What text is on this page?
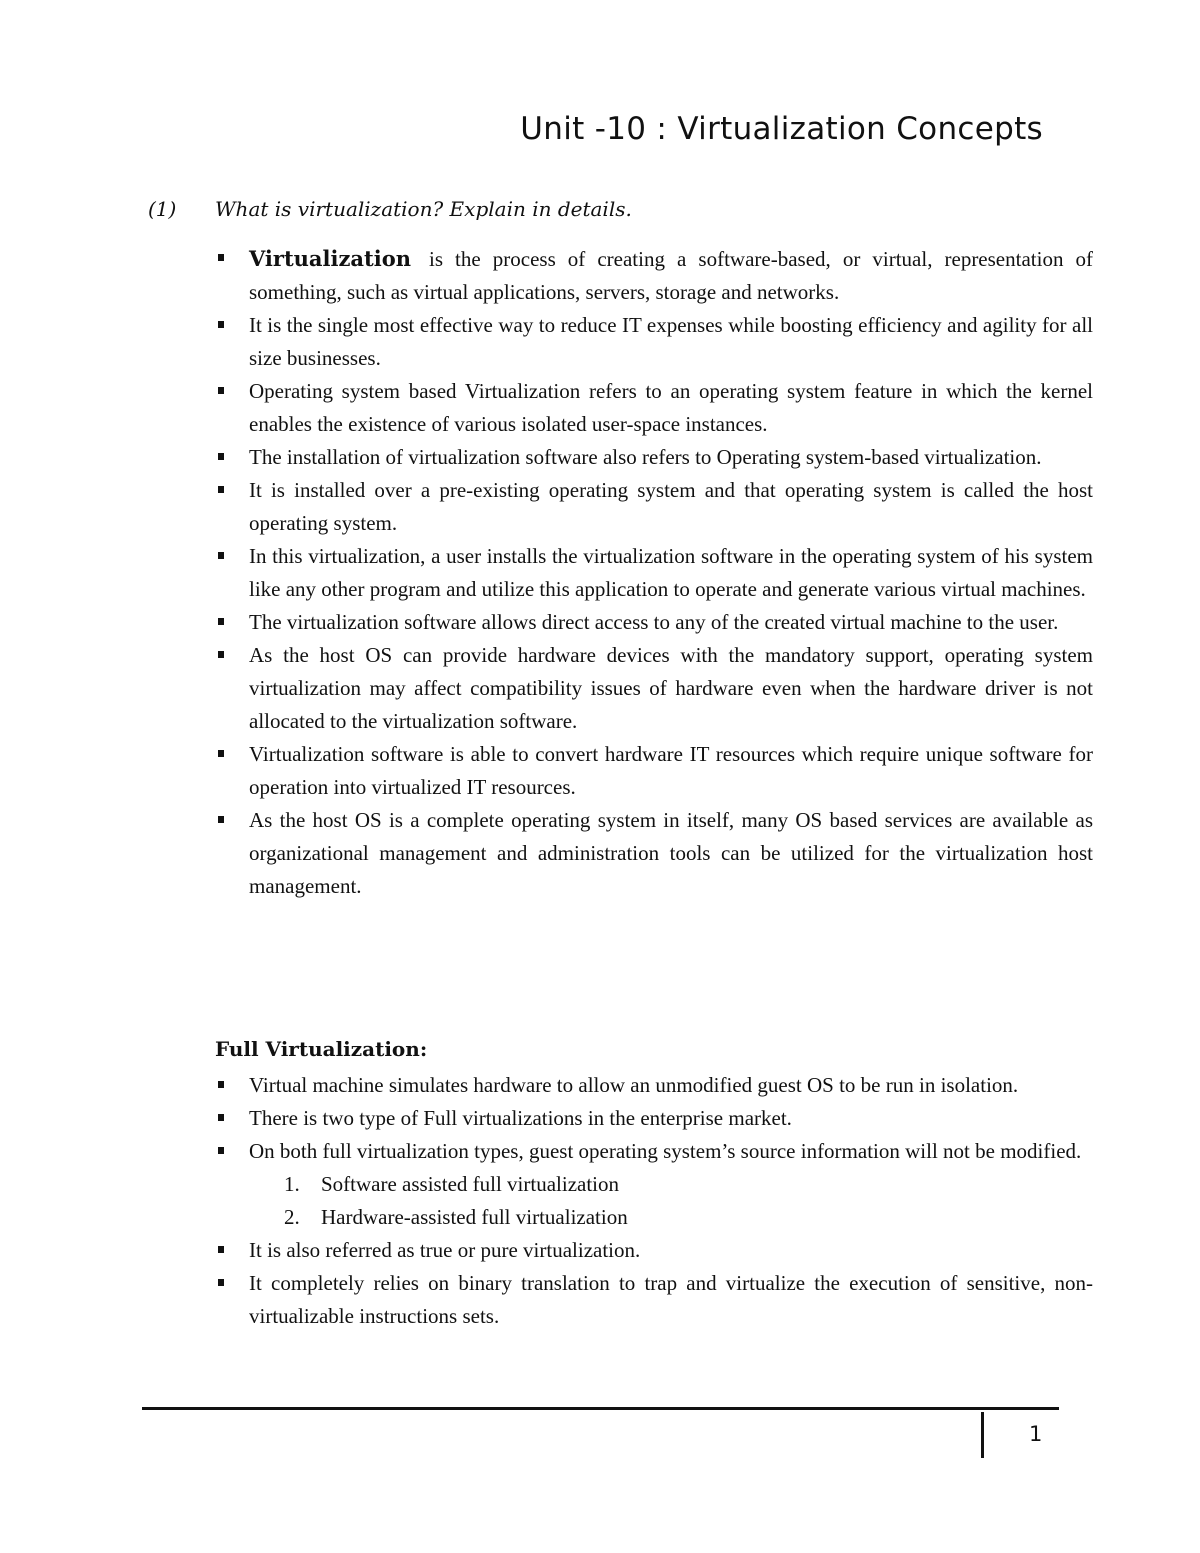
Unit -10 : Virtualization Concepts
(1) What is virtualization? Explain in details.
Virtualization is the process of creating a software-based, or virtual, representation of something, such as virtual applications, servers, storage and networks.
It is the single most effective way to reduce IT expenses while boosting efficiency and agility for all size businesses.
Operating system based Virtualization refers to an operating system feature in which the kernel enables the existence of various isolated user-space instances.
The installation of virtualization software also refers to Operating system-based virtualization.
It is installed over a pre-existing operating system and that operating system is called the host operating system.
In this virtualization, a user installs the virtualization software in the operating system of his system like any other program and utilize this application to operate and generate various virtual machines.
The virtualization software allows direct access to any of the created virtual machine to the user.
As the host OS can provide hardware devices with the mandatory support, operating system virtualization may affect compatibility issues of hardware even when the hardware driver is not allocated to the virtualization software.
Virtualization software is able to convert hardware IT resources which require unique software for operation into virtualized IT resources.
As the host OS is a complete operating system in itself, many OS based services are available as organizational management and administration tools can be utilized for the virtualization host management.
Full Virtualization:
Virtual machine simulates hardware to allow an unmodified guest OS to be run in isolation.
There is two type of Full virtualizations in the enterprise market.
On both full virtualization types, guest operating system’s source information will not be modified.
1. Software assisted full virtualization
2. Hardware-assisted full virtualization
It is also referred as true or pure virtualization.
It completely relies on binary translation to trap and virtualize the execution of sensitive, non-virtualizable instructions sets.
1
